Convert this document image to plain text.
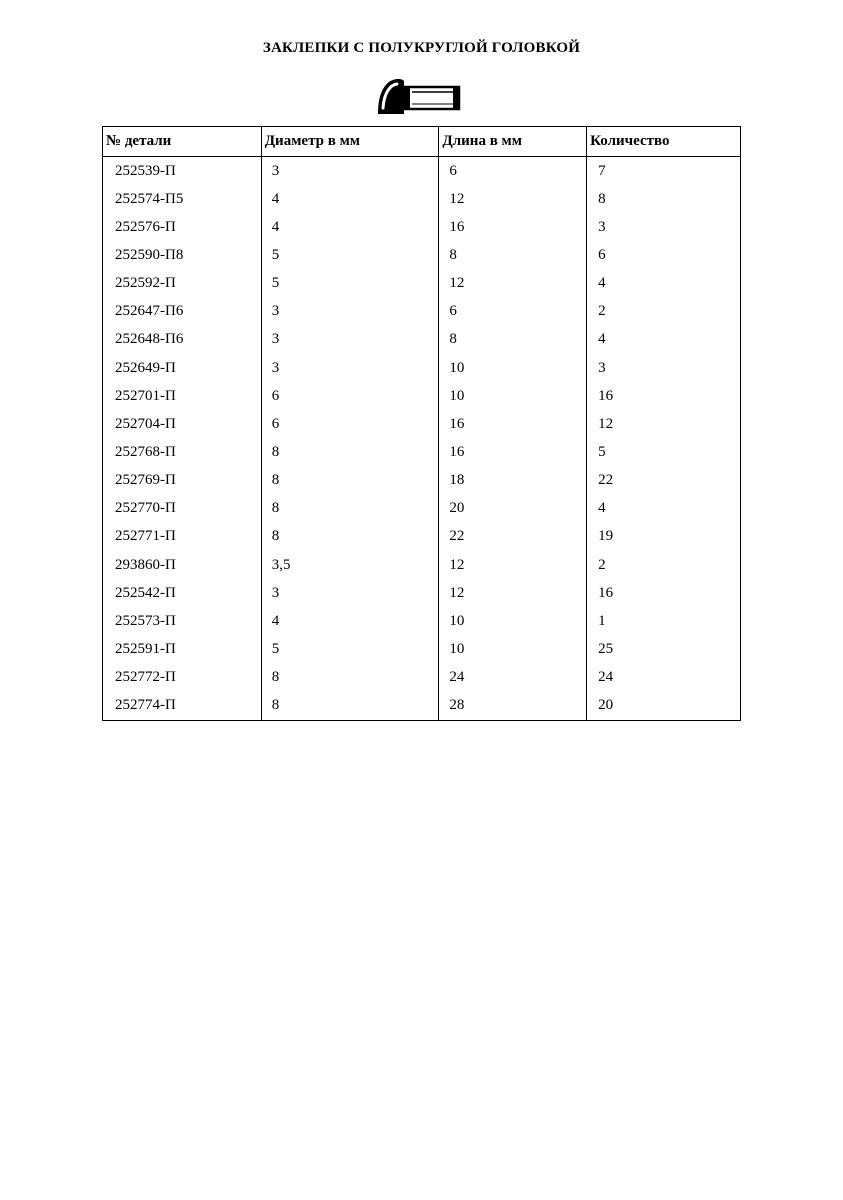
ЗАКЛЕПКИ С ПОЛУКРУГЛОЙ ГОЛОВКОЙ
№ детали	Диаметр в мм	Длина в мм	Количество
252539-П	3	6	7
252574-П5	4	12	8
252576-П	4	16	3
252590-П8	5	8	6
252592-П	5	12	4
252647-П6	3	6	2
252648-П6	3	8	4
252649-П	3	10	3
252701-П	6	10	16
252704-П	6	16	12
252768-П	8	16	5
252769-П	8	18	22
252770-П	8	20	4
252771-П	8	22	19
293860-П	3,5	12	2
252542-П	3	12	16
252573-П	4	10	1
252591-П	5	10	25
252772-П	8	24	24
252774-П	8	28	20
